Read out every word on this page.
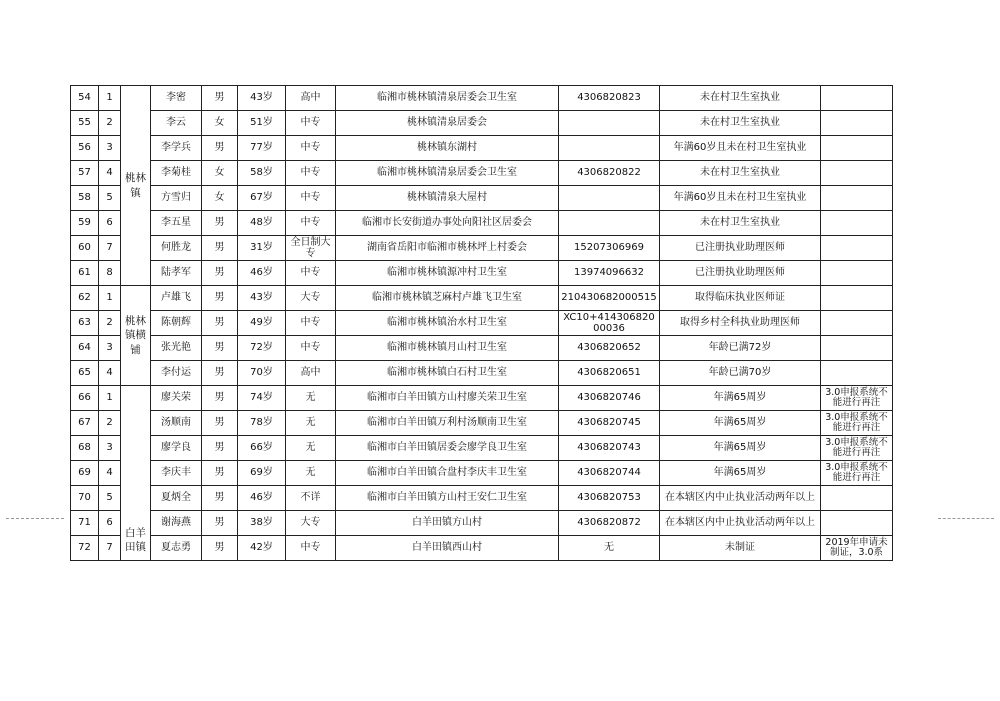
54	1	桃林镇	李密	男	43岁	高中	临湘市桃林镇清泉居委会卫生室	4306820823	未在村卫生室执业	
55	2		李云	女	51岁	中专	桃林镇清泉居委会		未在村卫生室执业	
56	3		李学兵	男	77岁	中专	桃林镇东湖村		年满60岁且未在村卫生室执业	
57	4		李菊桂	女	58岁	中专	临湘市桃林镇清泉居委会卫生室	4306820822	未在村卫生室执业	
58	5		方雪归	女	67岁	中专	桃林镇清泉大屋村		年满60岁且未在村卫生室执业	
59	6		李五星	男	48岁	中专	临湘市长安街道办事处向阳社区居委会		未在村卫生室执业	
60	7		何胜龙	男	31岁	全日制大专	湖南省岳阳市临湘市桃林坪上村委会	15207306969	已注册执业助理医师	
61	8		陆孝军	男	46岁	中专	临湘市桃林镇源冲村卫生室	13974096632	已注册执业助理医师	
62	1	桃林镇横铺	卢雄飞	男	43岁	大专	临湘市桃林镇芝麻村卢雄飞卫生室	210430682000515	取得临床执业医师证	
63	2		陈朝辉	男	49岁	中专	临湘市桃林镇治水村卫生室	XC10+41430682000036	取得乡村全科执业助理医师	
64	3		张光艳	男	72岁	中专	临湘市桃林镇月山村卫生室	4306820652	年龄已满72岁	
65	4		李付运	男	70岁	高中	临湘市桃林镇白石村卫生室	4306820651	年龄已满70岁	
66	1	白羊田镇	廖关荣	男	74岁	无	临湘市白羊田镇方山村廖关荣卫生室	4306820746	年满65周岁	3.0申报系统不能进行再注
67	2		汤顺南	男	78岁	无	临湘市白羊田镇万利村汤顺南卫生室	4306820745	年满65周岁	3.0申报系统不能进行再注
68	3		廖学良	男	66岁	无	临湘市白羊田镇居委会廖学良卫生室	4306820743	年满65周岁	3.0申报系统不能进行再注
69	4		李庆丰	男	69岁	无	临湘市白羊田镇合盘村李庆丰卫生室	4306820744	年满65周岁	3.0申报系统不能进行再注
70	5		夏炳全	男	46岁	不详	临湘市白羊田镇方山村王安仁卫生室	4306820753	在本辖区内中止执业活动两年以上	
71	6		谢海燕	男	38岁	大专	白羊田镇方山村	4306820872	在本辖区内中止执业活动两年以上	
72	7		夏志勇	男	42岁	中专	白羊田镇西山村	无	未制证	2019年申请未制证，3.0系
